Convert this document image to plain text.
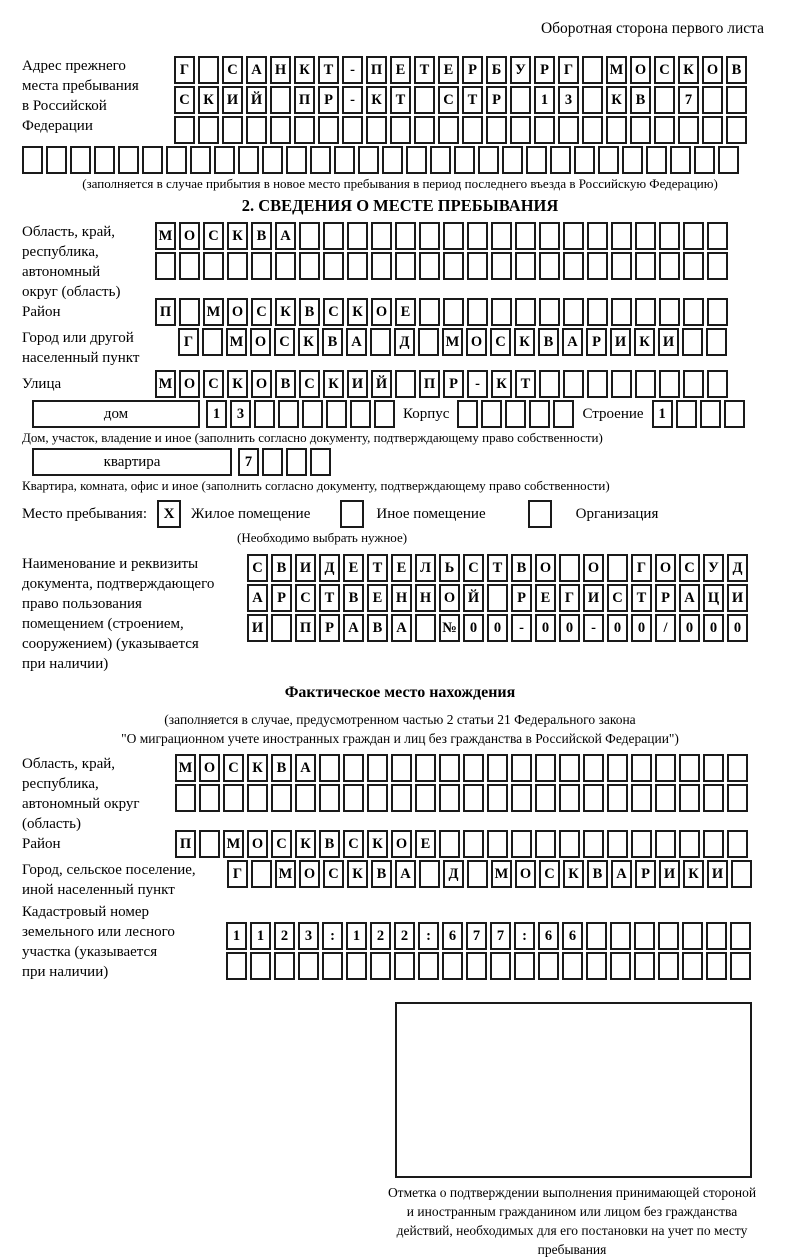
Оборотная сторона первого листа
Адрес прежнего
места пребывания
в Российской
Федерации
Г	С А Н К Т	-	П Е Т Е	Р	Б У Р	Г	М О С К О В
С К И Й	П Р	-	К Т	С Т	Р	1	3	К В	7
(заполняется в случае прибытия в новое место пребывания в период последнего въезда в Российскую Федерацию)
2. СВЕДЕНИЯ О МЕСТЕ ПРЕБЫВАНИЯ
Область, край,
республика,
автономный
округ (область)
М О С К В А
Район	П	М О С К В С К О Е
Город или другой
населенный пункт
Г	М О С К В А	Д	М О С К В А Р И К И
Улица	М О С К О В С К И Й	П Р	-	К Т
дом	1	3	Корпус	Строение	1
Дом, участок, владение и иное (заполнить согласно документу, подтверждающему право собственности)
квартира	7
Квартира, комната, офис и иное (заполнить согласно документу, подтверждающему право собственности)
Место пребывания:	X	Жилое помещение	Иное помещение	Организация
(Необходимо выбрать нужное)
Наименование и реквизиты
документа, подтверждающего
право пользования
помещением (строением,
сооружением) (указывается
при наличии)
С В И Д Е Т Е Л Ь С Т В О	О	Г О С У Д
А Р С Т В Е Н Н О Й	Р	Е	Г И С Т	Р А Ц И
И	П Р А В А	№ 0	0	-	0	0	-	0	0	/	0	0	0
Фактическое место нахождения
(заполняется в случае, предусмотренном частью 2 статьи 21 Федерального закона
"О миграционном учете иностранных граждан и лиц без гражданства в Российской Федерации")
Область, край,
республика,
автономный округ
(область)
М О С К В А
Район	П	М О С К В С К О Е
Город, сельское поселение,
иной населенный пункт
Г	М О С К В А	Д	М О С К В А Р И К И
Кадастровый номер
земельного или лесного
участка (указывается
при наличии)
1	1	2	3	:	1	2	2	:	6	7	7	:	6	6
Отметка о подтверждении выполнения принимающей стороной и иностранным гражданином или лицом без гражданства действий, необходимых для его постановки на учет по месту пребывания
